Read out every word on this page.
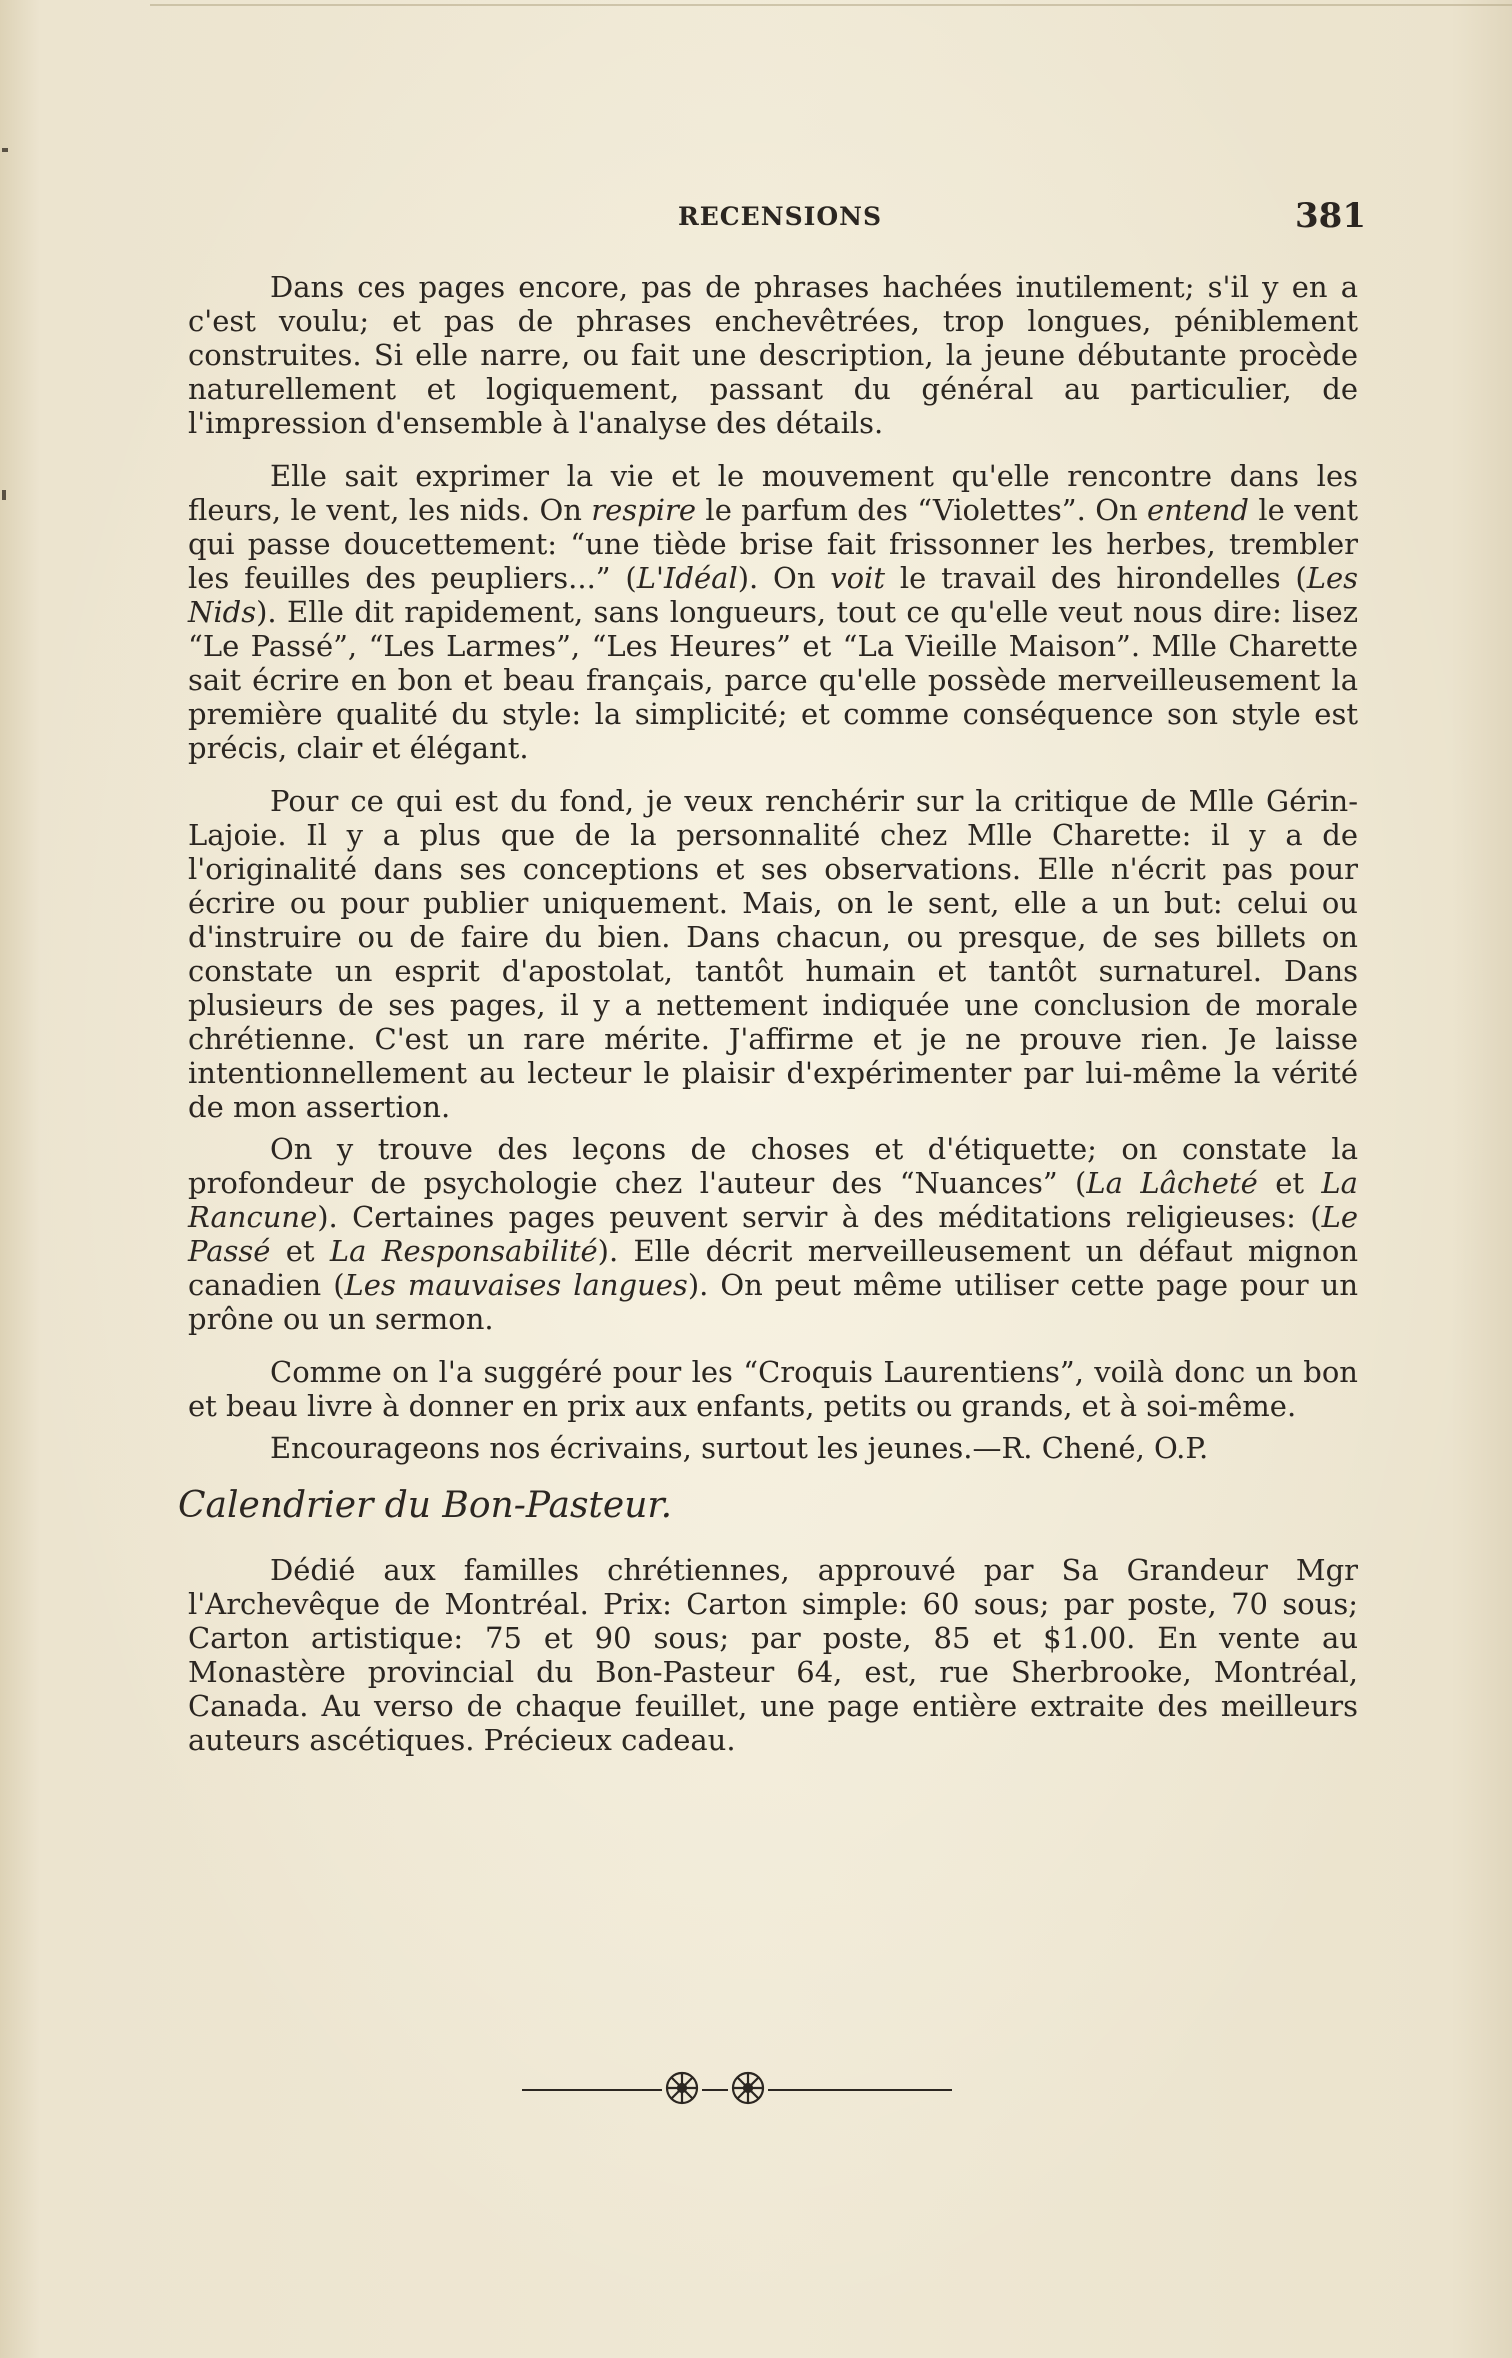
RECENSIONS	381

Dans ces pages encore, pas de phrases hachées inutilement; s'il y en a c'est voulu; et pas de phrases enchevêtrées, trop longues, péniblement construites. Si elle narre, ou fait une description, la jeune débutante procède naturellement et logiquement, passant du général au particulier, de l'impression d'ensemble à l'analyse des détails.

Elle sait exprimer la vie et le mouvement qu'elle rencontre dans les fleurs, le vent, les nids. On respire le parfum des “Violettes”. On entend le vent qui passe doucettement: “une tiède brise fait frissonner les herbes, trembler les feuilles des peupliers...” (L'Idéal). On voit le travail des hirondelles (Les Nids). Elle dit rapidement, sans longueurs, tout ce qu'elle veut nous dire: lisez “Le Passé”, “Les Larmes”, “Les Heures” et “La Vieille Maison”. Mlle Charette sait écrire en bon et beau français, parce qu'elle possède merveilleusement la première qualité du style: la simplicité; et comme conséquence son style est précis, clair et élégant.

Pour ce qui est du fond, je veux renchérir sur la critique de Mlle Gérin-Lajoie. Il y a plus que de la personnalité chez Mlle Charette: il y a de l'originalité dans ses conceptions et ses observations. Elle n'écrit pas pour écrire ou pour publier uniquement. Mais, on le sent, elle a un but: celui ou d'instruire ou de faire du bien. Dans chacun, ou presque, de ses billets on constate un esprit d'apostolat, tantôt humain et tantôt surnaturel. Dans plusieurs de ses pages, il y a nettement indiquée une conclusion de morale chrétienne. C'est un rare mérite. J'affirme et je ne prouve rien. Je laisse intentionnellement au lecteur le plaisir d'expérimenter par lui-même la vérité de mon assertion.

On y trouve des leçons de choses et d'étiquette; on constate la profondeur de psychologie chez l'auteur des “Nuances” (La Lâcheté et La Rancune). Certaines pages peuvent servir à des méditations religieuses: (Le Passé et La Responsabilité). Elle décrit merveilleusement un défaut mignon canadien (Les mauvaises langues). On peut même utiliser cette page pour un prône ou un sermon.

Comme on l'a suggéré pour les “Croquis Laurentiens”, voilà donc un bon et beau livre à donner en prix aux enfants, petits ou grands, et à soi-même.

Encourageons nos écrivains, surtout les jeunes.—R. Chené, O.P.

Calendrier du Bon-Pasteur.

Dédié aux familles chrétiennes, approuvé par Sa Grandeur Mgr l'Archevêque de Montréal. Prix: Carton simple: 60 sous; par poste, 70 sous; Carton artistique: 75 et 90 sous; par poste, 85 et $1.00. En vente au Monastère provincial du Bon-Pasteur 64, est, rue Sherbrooke, Montréal, Canada. Au verso de chaque feuillet, une page entière extraite des meilleurs auteurs ascétiques. Précieux cadeau.
